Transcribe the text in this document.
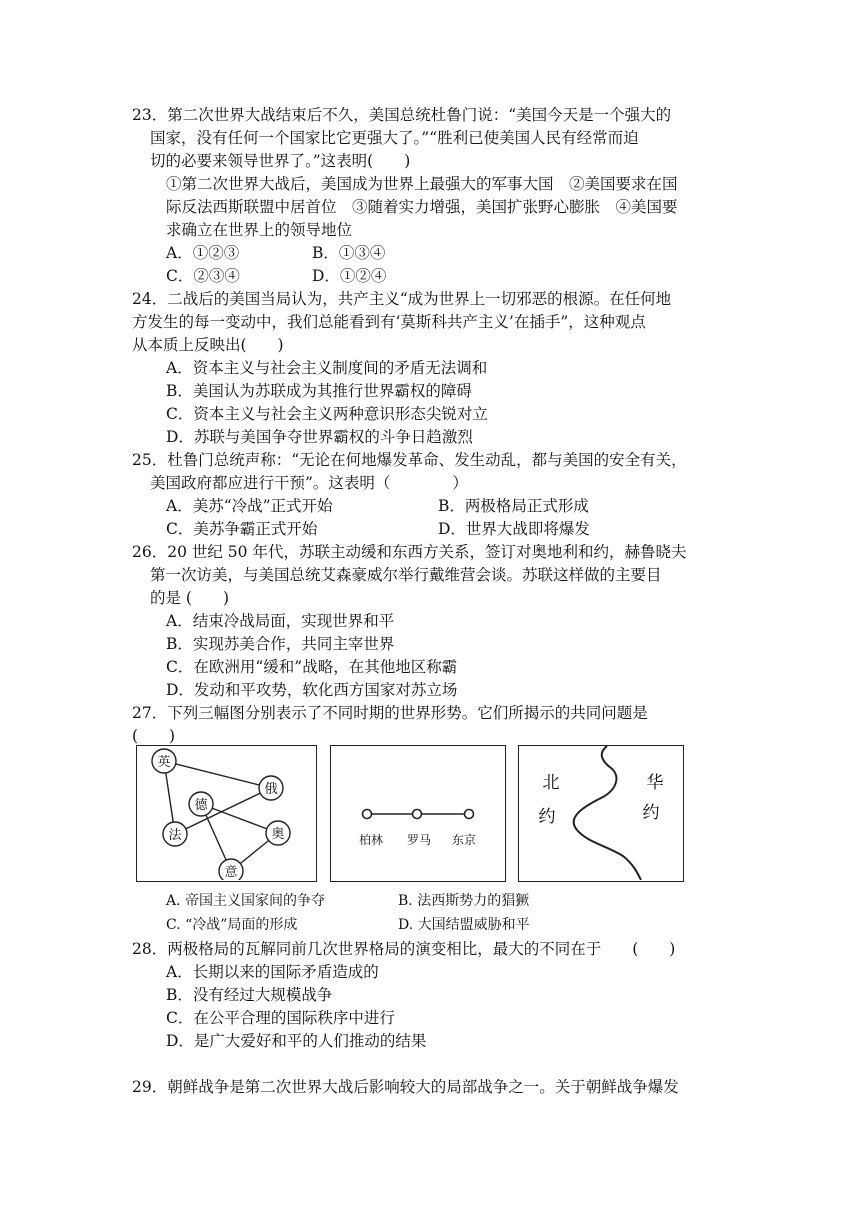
23．第二次世界大战结束后不久，美国总统杜鲁门说：“美国今天是一个强大的
国家，没有任何一个国家比它更强大了。”“胜利已使美国人民有经常而迫
切的必要来领导世界了。”这表明(　　)
①第二次世界大战后，美国成为世界上最强大的军事大国　②美国要求在国
际反法西斯联盟中居首位　③随着实力增强，美国扩张野心膨胀　④美国要
求确立在世界上的领导地位
A．①②③	B．①③④
C．②③④	D．①②④
24．二战后的美国当局认为，共产主义“成为世界上一切邪恶的根源。在任何地
方发生的每一变动中，我们总能看到有‘莫斯科共产主义’在插手”，这种观点
从本质上反映出(　　)
A．资本主义与社会主义制度间的矛盾无法调和
B．美国认为苏联成为其推行世界霸权的障碍
C．资本主义与社会主义两种意识形态尖锐对立
D．苏联与美国争夺世界霸权的斗争日趋激烈
25．杜鲁门总统声称：“无论在何地爆发革命、发生动乱，都与美国的安全有关，
美国政府都应进行干预”。这表明（　　　　）
A．美苏“冷战”正式开始	B．两极格局正式形成
C．美苏争霸正式开始	D．世界大战即将爆发
26．20 世纪 50 年代，苏联主动缓和东西方关系，签订对奥地利和约，赫鲁晓夫
第一次访美，与美国总统艾森豪威尔举行戴维营会谈。苏联这样做的主要目
的是 (　　)
A．结束冷战局面，实现世界和平
B．实现苏美合作，共同主宰世界
C．在欧洲用“缓和”战略，在其他地区称霸
D．发动和平攻势，软化西方国家对苏立场
27．下列三幅图分别表示了不同时期的世界形势。它们所揭示的共同问题是
(　　)
英
俄
德
法	奥
意
柏林 罗马 东京
北
约
华
约
A. 帝国主义国家间的争夺	B. 法西斯势力的猖獗
C. “冷战”局面的形成	D. 大国结盟威胁和平
28．两极格局的瓦解同前几次世界格局的演变相比，最大的不同在于　　(　　)
A．长期以来的国际矛盾造成的
B．没有经过大规模战争
C．在公平合理的国际秩序中进行
D．是广大爱好和平的人们推动的结果
29．朝鲜战争是第二次世界大战后影响较大的局部战争之一。关于朝鲜战争爆发
